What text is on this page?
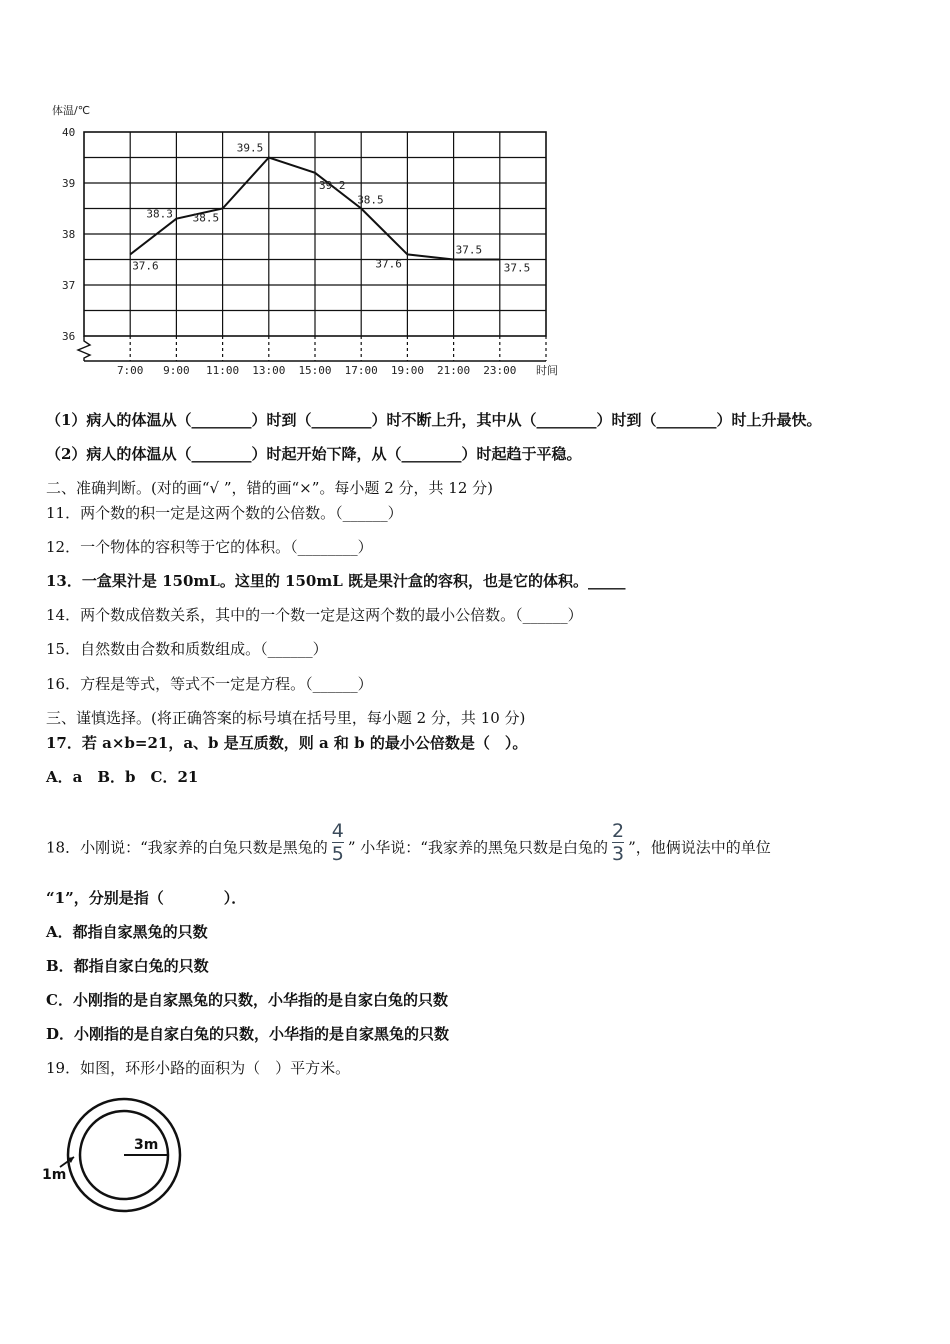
体温/℃
40
39
38
37
36
7:00 9:00 11:00 13:00 15:00 17:00 19:00 21:00 23:00
37.6
38.3 38.5
39.5
39.2
38.5
37.6
37.5
37.5
时间
（1）病人的体温从（________）时到（________）时不断上升，其中从（________）时到（________）时上升最快。
（2）病人的体温从（________）时起开始下降，从（________）时起趋于平稳。
二、准确判断。(对的画“√ ”，错的画“×”。每小题 2 分，共 12 分)
11．两个数的积一定是这两个数的公倍数。（______）
12．一个物体的容积等于它的体积。（________）
13．一盒果汁是 150mL。这里的 150mL 既是果汁盒的容积，也是它的体积。_____
14．两个数成倍数关系，其中的一个数一定是这两个数的最小公倍数。（______）
15．自然数由合数和质数组成。（______）
16．方程是等式，等式不一定是方程。（______）
三、谨慎选择。(将正确答案的标号填在括号里，每小题 2 分，共 10 分)
17．若 a×b=21，a、b 是互质数，则 a 和 b 的最小公倍数是（　）。
A．a　B．b　C．21
18．小刚说：“我家养的白兔只数是黑兔的 $\frac{4}{5}$ ” 小华说：“我家养的黑兔只数是白兔的 $\frac{2}{3}$ ”，他俩说法中的单位
“1”，分别是指（　　　　）．
A．都指自家黑兔的只数
B．都指自家白兔的只数
C．小刚指的是自家黑兔的只数，小华指的是自家白兔的只数
D．小刚指的是自家白兔的只数，小华指的是自家黑兔的只数
19．如图，环形小路的面积为（　）平方米。
3m
1m
